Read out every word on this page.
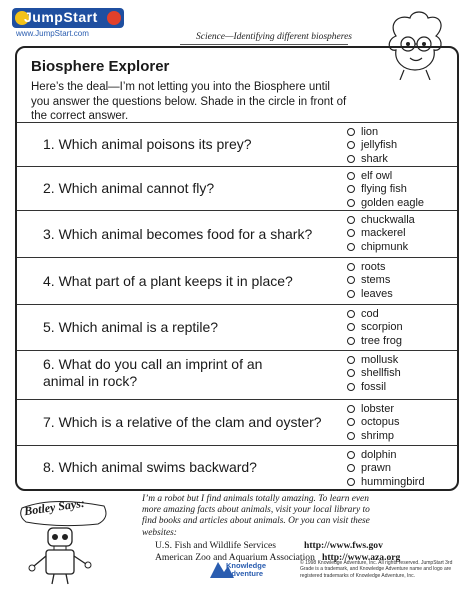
JumpStart
www.JumpStart.com	Science—Identifying different biospheres
Biosphere Explorer
Here’s the deal—I’m not letting you into the Biosphere until you answer the questions below. Shade in the circle in front of the correct answer.
1. Which animal poisons its prey?
lion
jellyfish
shark
2. Which animal cannot fly?
elf owl
flying fish
golden eagle
3. Which animal becomes food for a shark?
chuckwalla
mackerel
chipmunk
4. What part of a plant keeps it in place?
roots
stems
leaves
5. Which animal is a reptile?
cod
scorpion
tree frog
6. What do you call an imprint of an animal in rock?
mollusk
shellfish
fossil
7. Which is a relative of the clam and oyster?
lobster
octopus
shrimp
8. Which animal swims backward?
dolphin
prawn
hummingbird
Botley Says:	I’m a robot but I find animals totally amazing. To learn even more amazing facts about animals, visit your local library to find books and articles about animals. Or you can visit these websites:
U.S. Fish and Wildlife Services	http://www.fws.gov
American Zoo and Aquarium Association http://www.aza.org
Knowledge
Adventure
© 1998 Knowledge Adventure, Inc. All rights reserved. JumpStart 3rd Grade is a trademark, and Knowledge Adventure name and logo are registered trademarks of Knowledge Adventure, Inc.
